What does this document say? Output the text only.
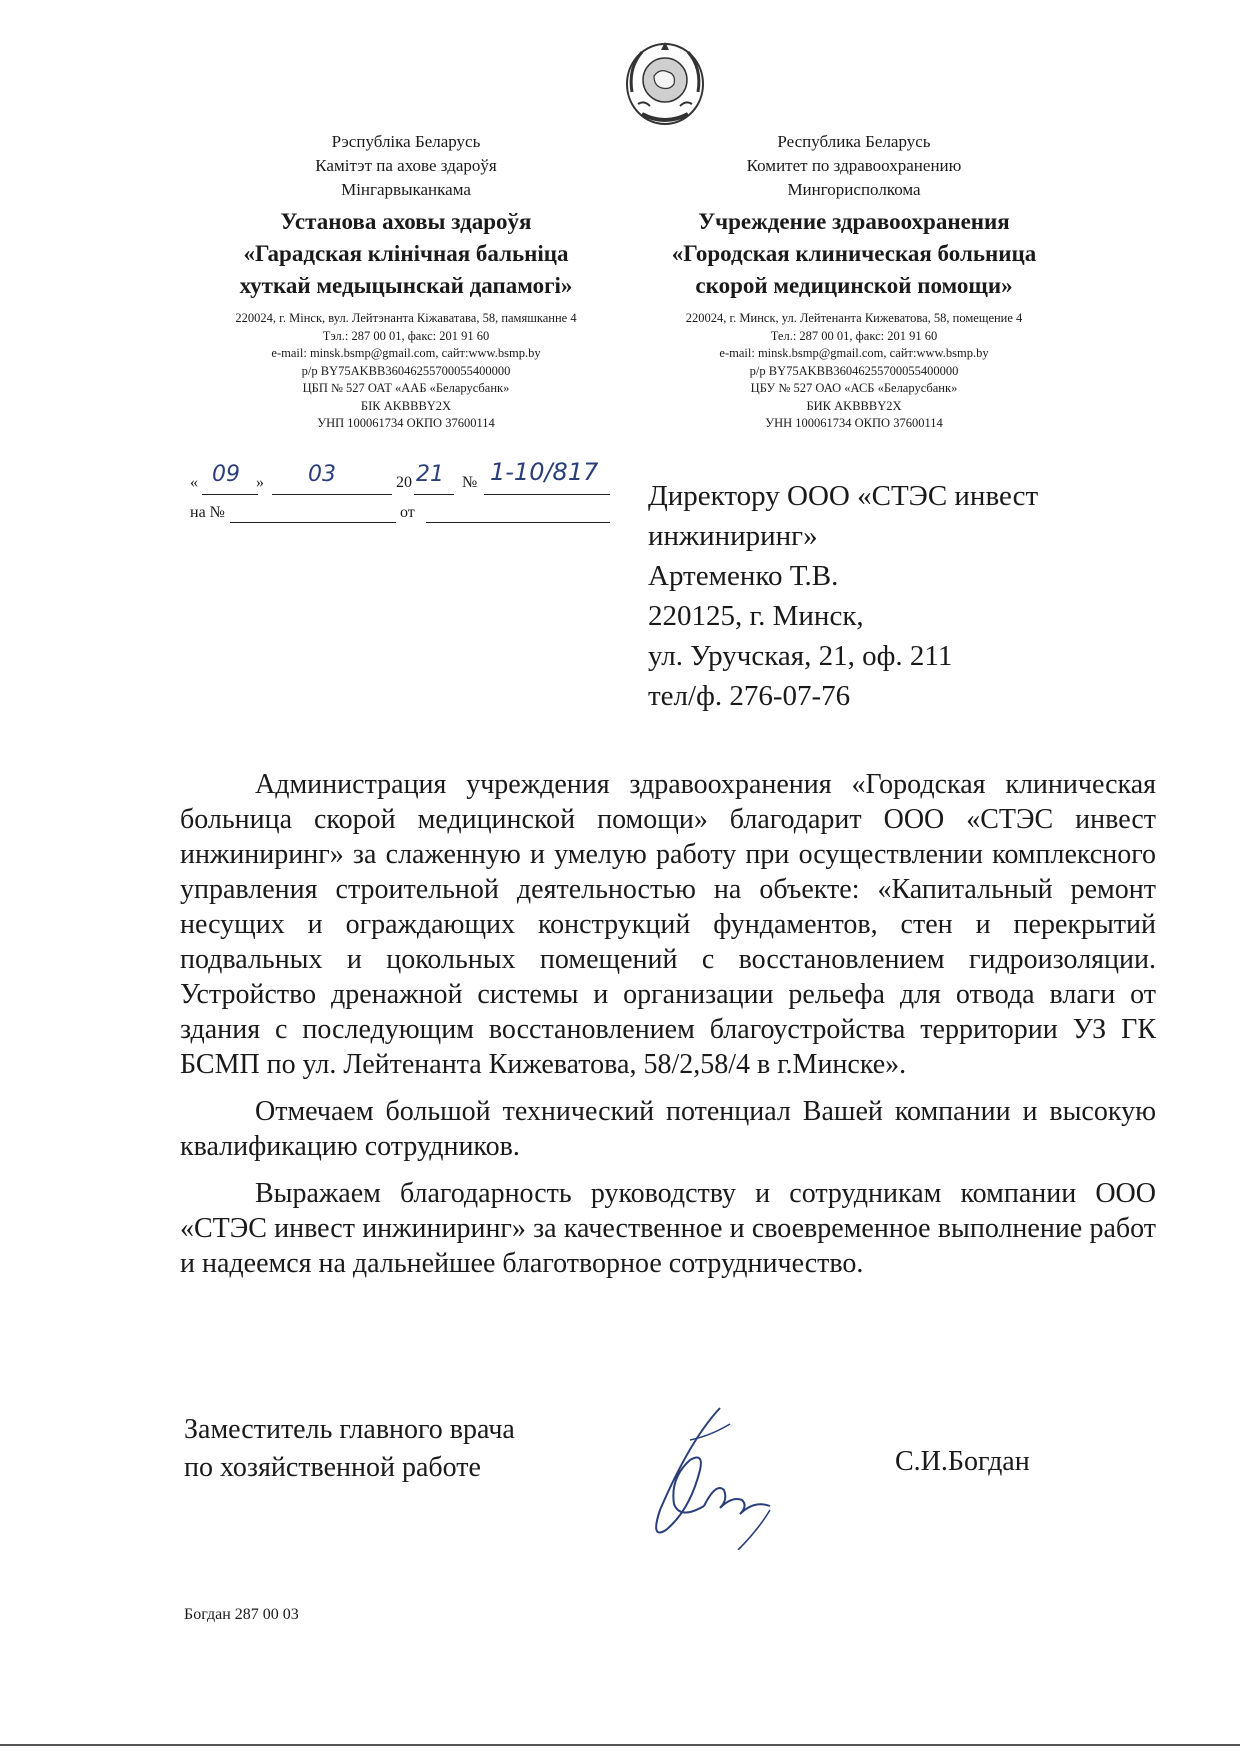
Рэспубліка Беларусь
Камітэт па ахове здароўя
Мінгарвыканкама
Установа аховы здароўя
«Гарадская клінічная бальніца
хуткай медыцынскай дапамогі»
220024, г. Мінск, вул. Лейтэнанта Кіжаватава, 58, памяшканне 4
Тэл.: 287 00 01, факс: 201 91 60
e-mail: minsk.bsmp@gmail.com, сайт:www.bsmp.by
р/р BY75AKBB36046255700055400000
ЦБП № 527 ОАТ «ААБ «Беларусбанк»
БІК AKBBBY2X
УНП 100061734 ОКПО 37600114
Республика Беларусь
Комитет по здравоохранению
Мингорисполкома
Учреждение здравоохранения
«Городская клиническая больница
скорой медицинской помощи»
220024, г. Минск, ул. Лейтенанта Кижеватова, 58, помещение 4
Тел.: 287 00 01, факс: 201 91 60
e-mail: minsk.bsmp@gmail.com, сайт:www.bsmp.by
р/р BY75AKBB36046255700055400000
ЦБУ № 527 ОАО «АСБ «Беларусбанк»
БИК AKBBBY2X
УНН 100061734 ОКПО 37600114
« 09 » 03	20 21 № 1-10/817
на №	от
Директору ООО «СТЭС инвест
инжиниринг»
Артеменко Т.В.
220125, г. Минск,
ул. Уручская, 21, оф. 211
тел/ф. 276-07-76

Администрация учреждения здравоохранения «Городская клиническая больница скорой медицинской помощи» благодарит ООО «СТЭС инвест инжиниринг» за слаженную и умелую работу при осуществлении комплексного управления строительной деятельностью на объекте: «Капитальный ремонт несущих и ограждающих конструкций фундаментов, стен и перекрытий подвальных и цокольных помещений с восстановлением гидроизоляции. Устройство дренажной системы и организации рельефа для отвода влаги от здания с последующим восстановлением благоустройства территории УЗ ГК БСМП по ул. Лейтенанта Кижеватова, 58/2,58/4 в г.Минске».

Отмечаем большой технический потенциал Вашей компании и высокую квалификацию сотрудников.

Выражаем благодарность руководству и сотрудникам компании ООО «СТЭС инвест инжиниринг» за качественное и своевременное выполнение работ и надеемся на дальнейшее благотворное сотрудничество.

Заместитель главного врача
по хозяйственной работе	С.И.Богдан
Богдан 287 00 03
